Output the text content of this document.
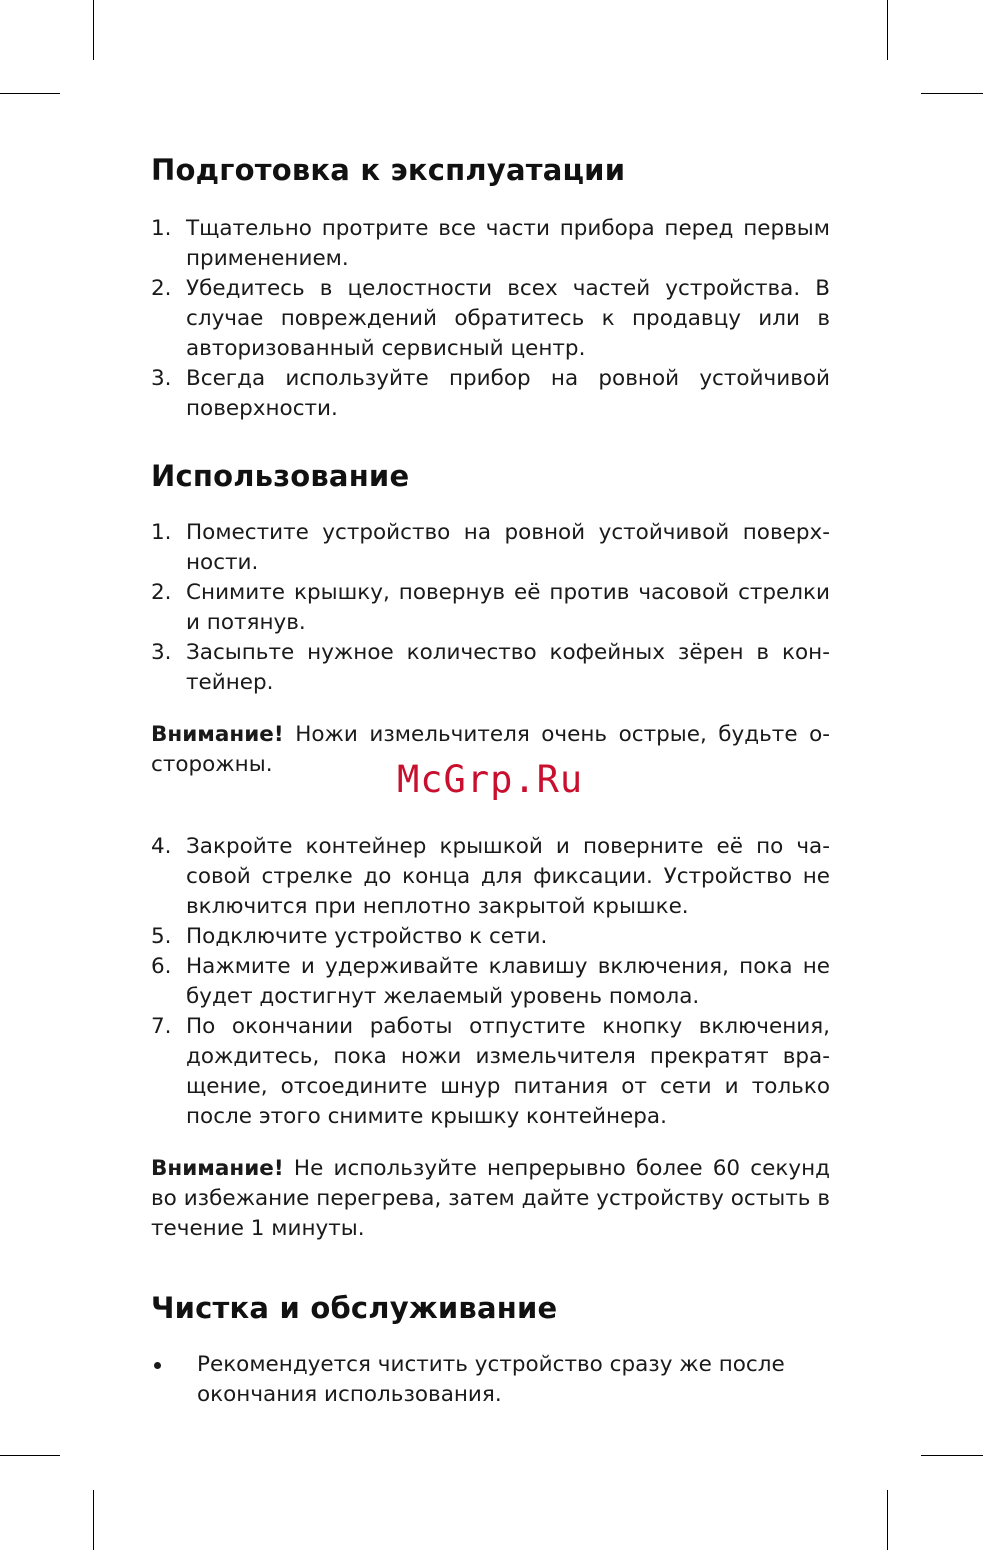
Подготовка к эксплуатации
1. Тщательно протрите все части прибора перед первым применением.
2. Убедитесь в целостности всех частей устройства. В случае повреждений обратитесь к продавцу или в авторизованный сервисный центр.
3. Всегда используйте прибор на ровной устойчивой поверхности.
Использование
1. Поместите устройство на ровной устойчивой поверхности.
2. Снимите крышку, повернув её против часовой стрелки и потянув.
3. Засыпьте нужное количество кофейных зёрен в контейнер.

Внимание! Ножи измельчителя очень острые, будьте осторожны.

4. Закройте контейнер крышкой и поверните её по часовой стрелке до конца для фиксации. Устройство не включится при неплотно закрытой крышке.
5. Подключите устройство к сети.
6. Нажмите и удерживайте клавишу включения, пока не будет достигнут желаемый уровень помола.
7. По окончании работы отпустите кнопку включения, дождитесь, пока ножи измельчителя прекратят вращение, отсоедините шнур питания от сети и только после этого снимите крышку контейнера.

Внимание! Не используйте непрерывно более 60 секунд во избежание перегрева, затем дайте устройству остыть в течение 1 минуты.

Чистка и обслуживание
Рекомендуется чистить устройство сразу же после окончания использования.
McGrp.Ru
